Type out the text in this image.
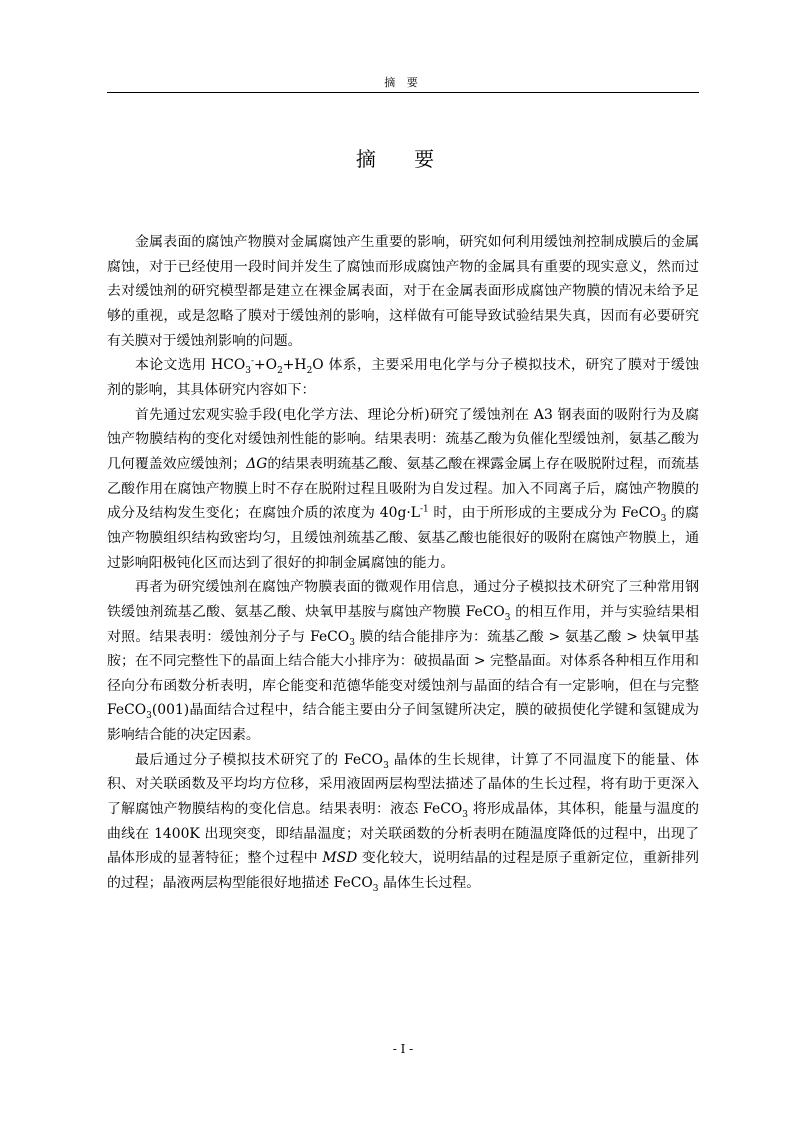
摘 要
摘 要

金属表面的腐蚀产物膜对金属腐蚀产生重要的影响，研究如何利用缓蚀剂控制成膜后的金属腐蚀，对于已经使用一段时间并发生了腐蚀而形成腐蚀产物的金属具有重要的现实意义，然而过去对缓蚀剂的研究模型都是建立在裸金属表面，对于在金属表面形成腐蚀产物膜的情况未给予足够的重视，或是忽略了膜对于缓蚀剂的影响，这样做有可能导致试验结果失真，因而有必要研究有关膜对于缓蚀剂影响的问题。

本论文选用 $HCO_3^-+O_2+H_2O$ 体系，主要采用电化学与分子模拟技术，研究了膜对于缓蚀剂的影响，其具体研究内容如下：

首先通过宏观实验手段(电化学方法、理论分析)研究了缓蚀剂在 A3 钢表面的吸附行为及腐蚀产物膜结构的变化对缓蚀剂性能的影响。结果表明：巯基乙酸为负催化型缓蚀剂，氨基乙酸为几何覆盖效应缓蚀剂；ΔG的结果表明巯基乙酸、氨基乙酸在裸露金属上存在吸脱附过程，而巯基乙酸作用在腐蚀产物膜上时不存在脱附过程且吸附为自发过程。加入不同离子后，腐蚀产物膜的成分及结构发生变化；在腐蚀介质的浓度为 $40g\cdot L^{-1}$ 时，由于所形成的主要成分为 FeCO$_3$ 的腐蚀产物膜组织结构致密均匀，且缓蚀剂巯基乙酸、氨基乙酸也能很好的吸附在腐蚀产物膜上，通过影响阳极钝化区而达到了很好的抑制金属腐蚀的能力。

再者为研究缓蚀剂在腐蚀产物膜表面的微观作用信息，通过分子模拟技术研究了三种常用钢铁缓蚀剂巯基乙酸、氨基乙酸、炔氧甲基胺与腐蚀产物膜 FeCO$_3$ 的相互作用，并与实验结果相对照。结果表明：缓蚀剂分子与 FeCO$_3$ 膜的结合能排序为：巯基乙酸 > 氨基乙酸 > 炔氧甲基胺；在不同完整性下的晶面上结合能大小排序为：破损晶面 > 完整晶面。对体系各种相互作用和径向分布函数分析表明，库仑能变和范德华能变对缓蚀剂与晶面的结合有一定影响，但在与完整 FeCO$_3$(001)晶面结合过程中，结合能主要由分子间氢键所决定，膜的破损使化学键和氢键成为影响结合能的决定因素。

最后通过分子模拟技术研究了的 FeCO$_3$ 晶体的生长规律，计算了不同温度下的能量、体积、对关联函数及平均均方位移，采用液固两层构型法描述了晶体的生长过程，将有助于更深入了解腐蚀产物膜结构的变化信息。结果表明：液态 FeCO$_3$ 将形成晶体，其体积，能量与温度的曲线在 1400K 出现突变，即结晶温度；对关联函数的分析表明在随温度降低的过程中，出现了晶体形成的显著特征；整个过程中 MSD 变化较大，说明结晶的过程是原子重新定位，重新排列的过程；晶液两层构型能很好地描述 FeCO$_3$ 晶体生长过程。

- I -
